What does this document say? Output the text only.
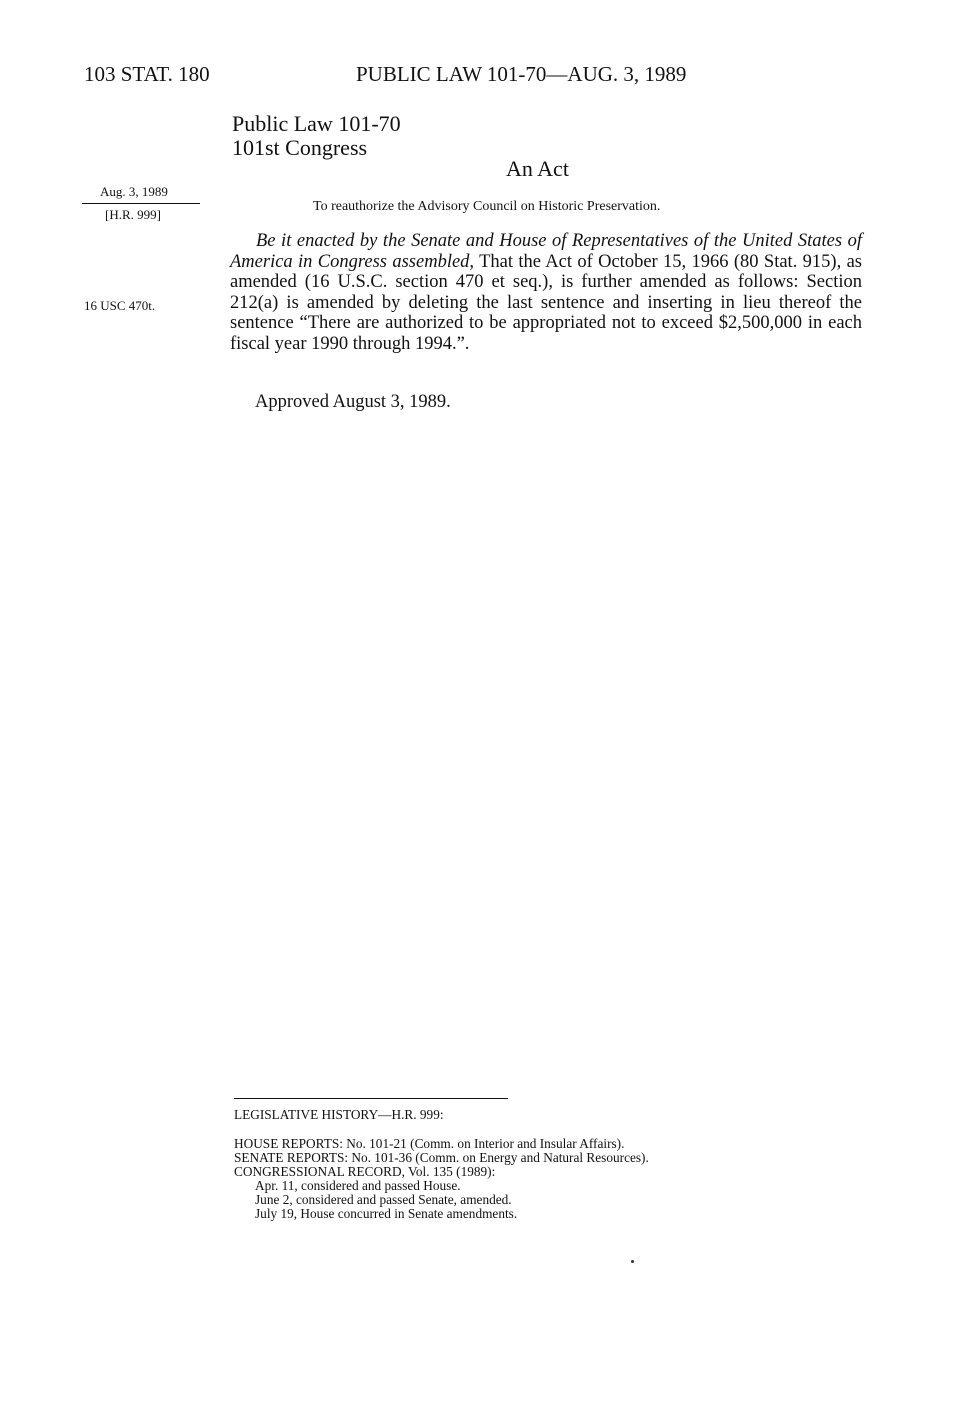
103 STAT. 180	PUBLIC LAW 101-70—AUG. 3, 1989
Public Law 101-70
101st Congress
An Act
Aug. 3, 1989
[H.R. 999]
16 USC 470t.
To reauthorize the Advisory Council on Historic Preservation.
Be it enacted by the Senate and House of Representatives of the United States of America in Congress assembled, That the Act of October 15, 1966 (80 Stat. 915), as amended (16 U.S.C. section 470 et seq.), is further amended as follows: Section 212(a) is amended by deleting the last sentence and inserting in lieu thereof the sentence “There are authorized to be appropriated not to exceed $2,500,000 in each fiscal year 1990 through 1994.”.
Approved August 3, 1989.
LEGISLATIVE HISTORY—H.R. 999:
HOUSE REPORTS: No. 101-21 (Comm. on Interior and Insular Affairs).
SENATE REPORTS: No. 101-36 (Comm. on Energy and Natural Resources).
CONGRESSIONAL RECORD, Vol. 135 (1989):
Apr. 11, considered and passed House.
June 2, considered and passed Senate, amended.
July 19, House concurred in Senate amendments.
